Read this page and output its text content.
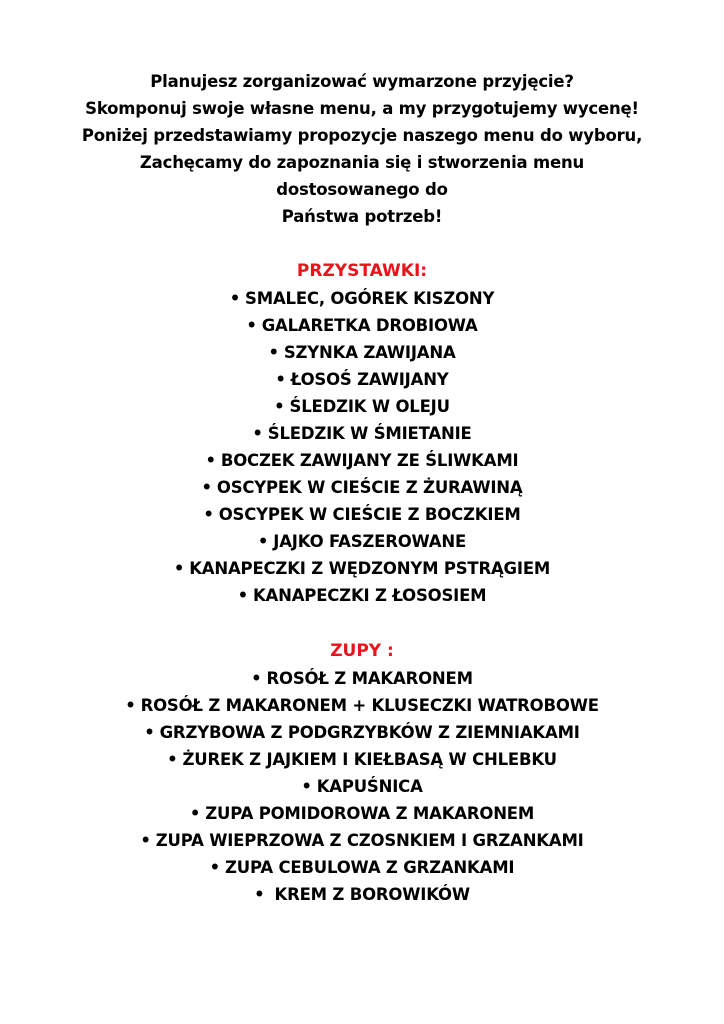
Planujesz zorganizować wymarzone przyjęcie?
Skomponuj swoje własne menu, a my przygotujemy wycenę!
Poniżej przedstawiamy propozycje naszego menu do wyboru,
Zachęcamy do zapoznania się i stworzenia menu
dostosowanego do
Państwa potrzeb!
PRZYSTAWKI:
• SMALEC, OGÓREK KISZONY
• GALARETKA DROBIOWA
• SZYNKA ZAWIJANA
• ŁOSOŚ ZAWIJANY
• ŚLEDZIK W OLEJU
• ŚLEDZIK W ŚMIETANIE
• BOCZEK ZAWIJANY ZE ŚLIWKAMI
• OSCYPEK W CIEŚCIE Z ŻURAWINĄ
• OSCYPEK W CIEŚCIE Z BOCZKIEM
• JAJKO FASZEROWANE
• KANAPECZKI Z WĘDZONYM PSTRĄGIEM
• KANAPECZKI Z ŁOSOSIEM
ZUPY :
• ROSÓŁ Z MAKARONEM
• ROSÓŁ Z MAKARONEM + KLUSECZKI WATROBOWE
• GRZYBOWA Z PODGRZYBKÓW Z ZIEMNIAKAMI
• ŻUREK Z JAJKIEM I KIEŁBASĄ W CHLEBKU
• KAPUŚNICA
• ZUPA POMIDOROWA Z MAKARONEM
• ZUPA WIEPRZOWA Z CZOSNKIEM I GRZANKAMI
• ZUPA CEBULOWA Z GRZANKAMI
• KREM Z BOROWIKÓW
